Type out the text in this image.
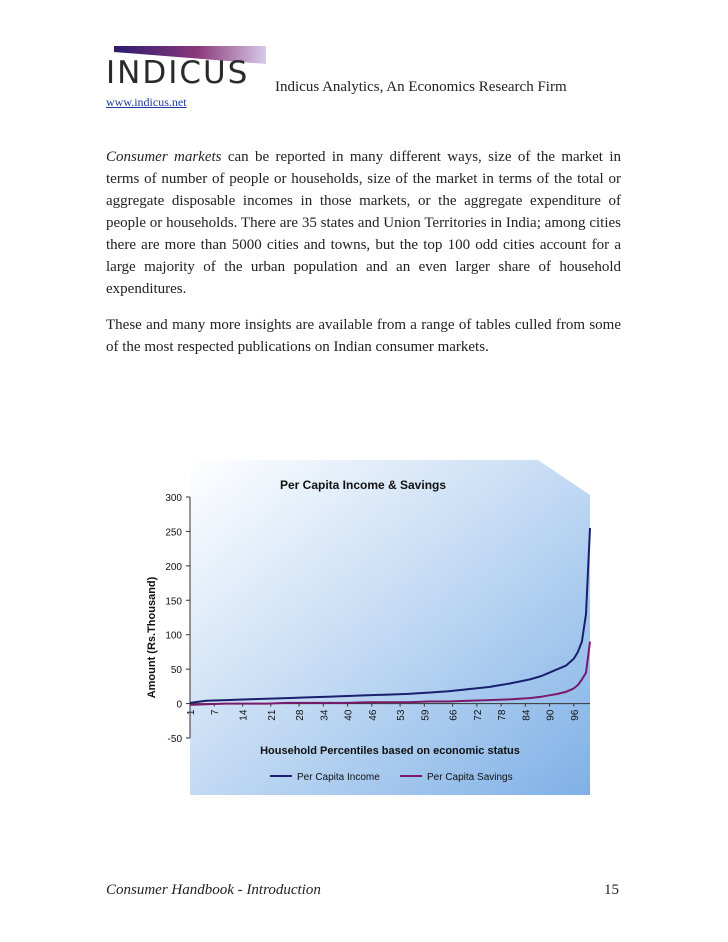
INDICUS Indicus Analytics, An Economics Research Firm
www.indicus.net
Consumer markets can be reported in many different ways, size of the market in terms of number of people or households, size of the market in terms of the total or aggregate disposable incomes in those markets, or the aggregate expenditure of people or households. There are 35 states and Union Territories in India; among cities there are more than 5000 cities and towns, but the top 100 odd cities account for a large majority of the urban population and an even larger share of household expenditures.
These and many more insights are available from a range of tables culled from some of the most respected publications on Indian consumer markets.
Per Capita Income & Savings
-50
0
50
100
150
200
250
300
Amount (Rs.Thousand)
1 7 14 21 28 34 40 46 53 59 66 72 78 84 90 96
Household Percentiles based on economic status
Per Capita Income	Per Capita Savings
Consumer Handbook - Introduction	15
